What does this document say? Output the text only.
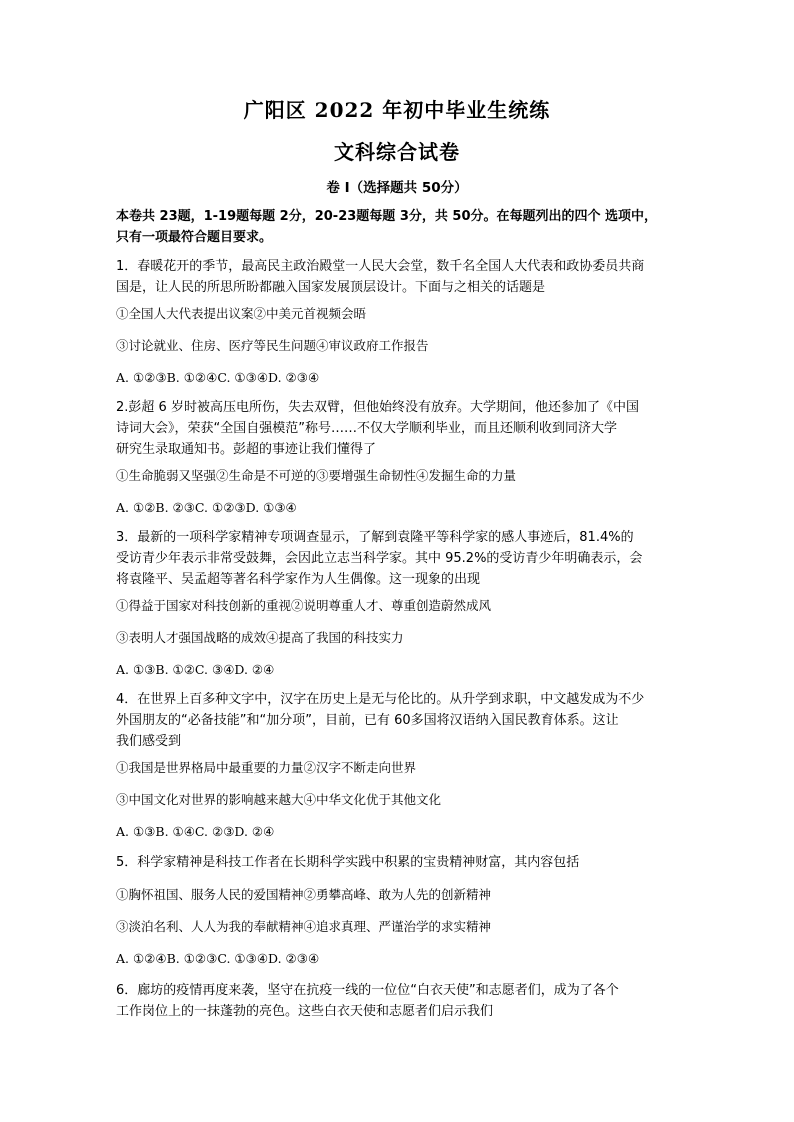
广阳区 2022 年初中毕业生统练
文科综合试卷
卷 I（选择题共 50分）
本卷共 23题，1-19题每题 2分，20-23题每题 3分，共 50分。在每题列出的四个 选项中，
只有一项最符合题目要求。
1．春暖花开的季节，最高民主政治殿堂一人民大会堂，数千名全国人大代表和政协委员共商
国是，让人民的所思所盼都融入国家发展顶层设计。下面与之相关的话题是
①全国人大代表提出议案②中美元首视频会晤
③讨论就业、住房、医疗等民生问题④审议政府工作报告
A. ①②③B. ①②④C. ①③④D. ②③④
2.彭超 6 岁时被高压电所伤，失去双臂，但他始终没有放弃。大学期间，他还参加了《中国
诗词大会》，荣获“全国自强模范”称号……不仅大学顺利毕业，而且还顺利收到同济大学
研究生录取通知书。彭超的事迹让我们懂得了
①生命脆弱又坚强②生命是不可逆的③要增强生命韧性④发掘生命的力量
A. ①②B. ②③C. ①②③D. ①③④
3．最新的一项科学家精神专项调查显示，了解到袁隆平等科学家的感人事迹后，81.4%的
受访青少年表示非常受鼓舞，会因此立志当科学家。其中 95.2%的受访青少年明确表示，会
将袁隆平、吴孟超等著名科学家作为人生偶像。这一现象的出现
①得益于国家对科技创新的重视②说明尊重人才、尊重创造蔚然成风
③表明人才强国战略的成效④提高了我国的科技实力
A. ①③B. ①②C. ③④D. ②④
4．在世界上百多种文字中，汉字在历史上是无与伦比的。从升学到求职，中文越发成为不少
外国朋友的“必备技能”和“加分项”，目前，已有 60多国将汉语纳入国民教育体系。这让
我们感受到
①我国是世界格局中最重要的力量②汉字不断走向世界
③中国文化对世界的影响越来越大④中华文化优于其他文化
A. ①③B. ①④C. ②③D. ②④
5．科学家精神是科技工作者在长期科学实践中积累的宝贵精神财富，其内容包括
①胸怀祖国、服务人民的爱国精神②勇攀高峰、敢为人先的创新精神
③淡泊名利、人人为我的奉献精神④追求真理、严谨治学的求实精神
A. ①②④B. ①②③C. ①③④D. ②③④
6．廊坊的疫情再度来袭，坚守在抗疫一线的一位位“白衣天使”和志愿者们，成为了各个
工作岗位上的一抹蓬勃的亮色。这些白衣天使和志愿者们启示我们
